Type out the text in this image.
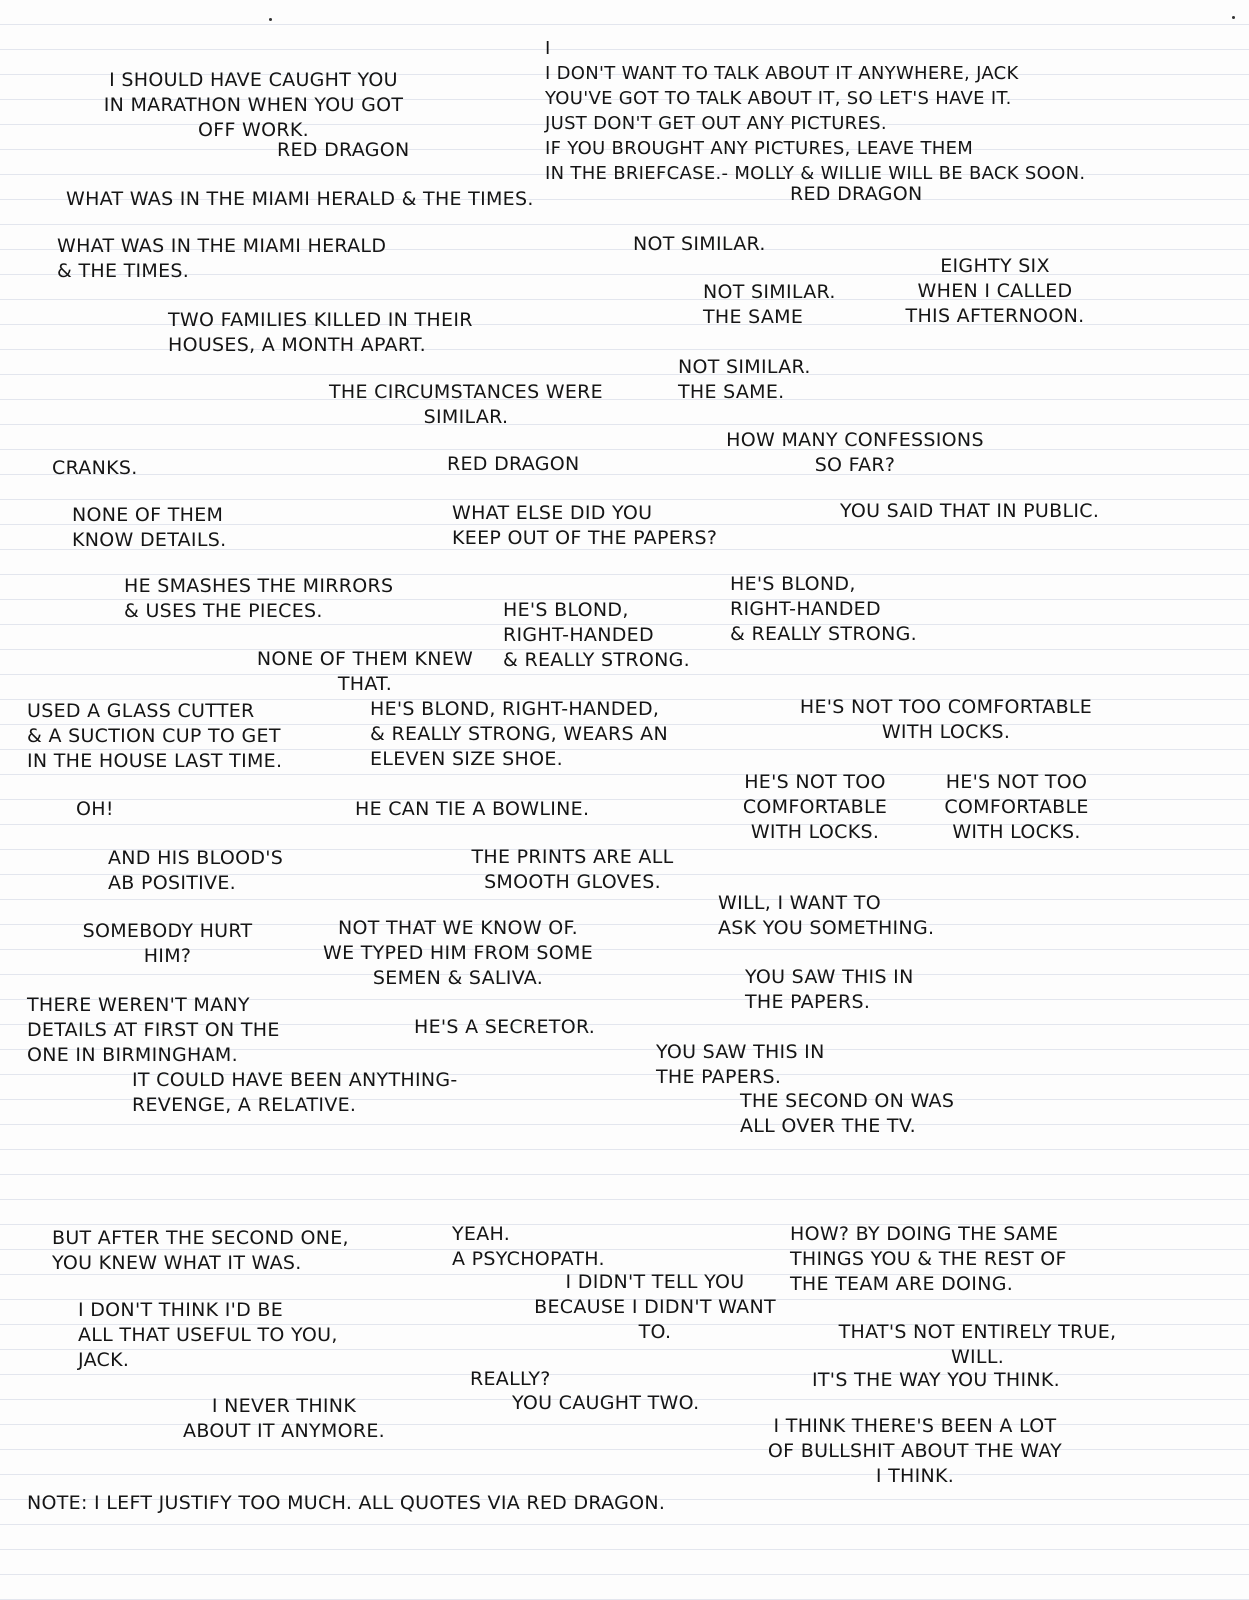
I SHOULD HAVE CAUGHT YOU
IN MARATHON WHEN YOU GOT
OFF WORK.

RED DRAGON

I
I DON'T WANT TO TALK ABOUT IT ANYWHERE, JACK
YOU'VE GOT TO TALK ABOUT IT, SO LET'S HAVE IT.
JUST DON'T GET OUT ANY PICTURES.
IF YOU BROUGHT ANY PICTURES, LEAVE THEM
IN THE BRIEFCASE.- MOLLY & WILLIE WILL BE BACK SOON.

RED DRAGON

WHAT WAS IN THE MIAMI HERALD & THE TIMES.

WHAT WAS IN THE MIAMI HERALD
& THE TIMES.

NOT SIMILAR.

EIGHTY SIX
WHEN I CALLED
THIS AFTERNOON.

NOT SIMILAR.
THE SAME

TWO FAMILIES KILLED IN THEIR
HOUSES, A MONTH APART.

NOT SIMILAR.
THE SAME.

THE CIRCUMSTANCES WERE
SIMILAR.

HOW MANY CONFESSIONS
SO FAR?

CRANKS.	RED DRAGON

NONE OF THEM
KNOW DETAILS.

WHAT ELSE DID YOU
KEEP OUT OF THE PAPERS?

YOU SAID THAT IN PUBLIC.

HE SMASHES THE MIRRORS
& USES THE PIECES.

HE'S BLOND,
RIGHT-HANDED
& REALLY STRONG.

HE'S BLOND,
RIGHT-HANDED
& REALLY STRONG.

NONE OF THEM KNEW
THAT.

USED A GLASS CUTTER
& A SUCTION CUP TO GET
IN THE HOUSE LAST TIME.

HE'S BLOND, RIGHT-HANDED,
& REALLY STRONG, WEARS AN
ELEVEN SIZE SHOE.

HE'S NOT TOO COMFORTABLE
WITH LOCKS.

OH!	HE CAN TIE A BOWLINE.

HE'S NOT TOO
COMFORTABLE
WITH LOCKS.

HE'S NOT TOO
COMFORTABLE
WITH LOCKS.

AND HIS BLOOD'S
AB POSITIVE.

THE PRINTS ARE ALL
SMOOTH GLOVES.

WILL, I WANT TO
ASK YOU SOMETHING.

SOMEBODY HURT
HIM?

NOT THAT WE KNOW OF.
WE TYPED HIM FROM SOME
SEMEN & SALIVA.	YOU SAW THIS IN
THE PAPERS.

THERE WEREN'T MANY
DETAILS AT FIRST ON THE
ONE IN BIRMINGHAM.

HE'S A SECRETOR.

YOU SAW THIS IN
THE PAPERS.

IT COULD HAVE BEEN ANYTHING-
REVENGE, A RELATIVE.	THE SECOND ON WAS
ALL OVER THE TV.

BUT AFTER THE SECOND ONE,
YOU KNEW WHAT IT WAS.

YEAH.
A PSYCHOPATH.

HOW? BY DOING THE SAME
THINGS YOU & THE REST OF
THE TEAM ARE DOING.

I DIDN'T TELL YOU
BECAUSE I DIDN'T WANT
TO.

I DON'T THINK I'D BE
ALL THAT USEFUL TO YOU,
JACK.

THAT'S NOT ENTIRELY TRUE,
WILL.

REALLY?	IT'S THE WAY YOU THINK.

YOU CAUGHT TWO.

I NEVER THINK
ABOUT IT ANYMORE.	I THINK THERE'S BEEN A LOT
OF BULLSHIT ABOUT THE WAY
I THINK.

NOTE: I LEFT JUSTIFY TOO MUCH. ALL QUOTES VIA RED DRAGON.
